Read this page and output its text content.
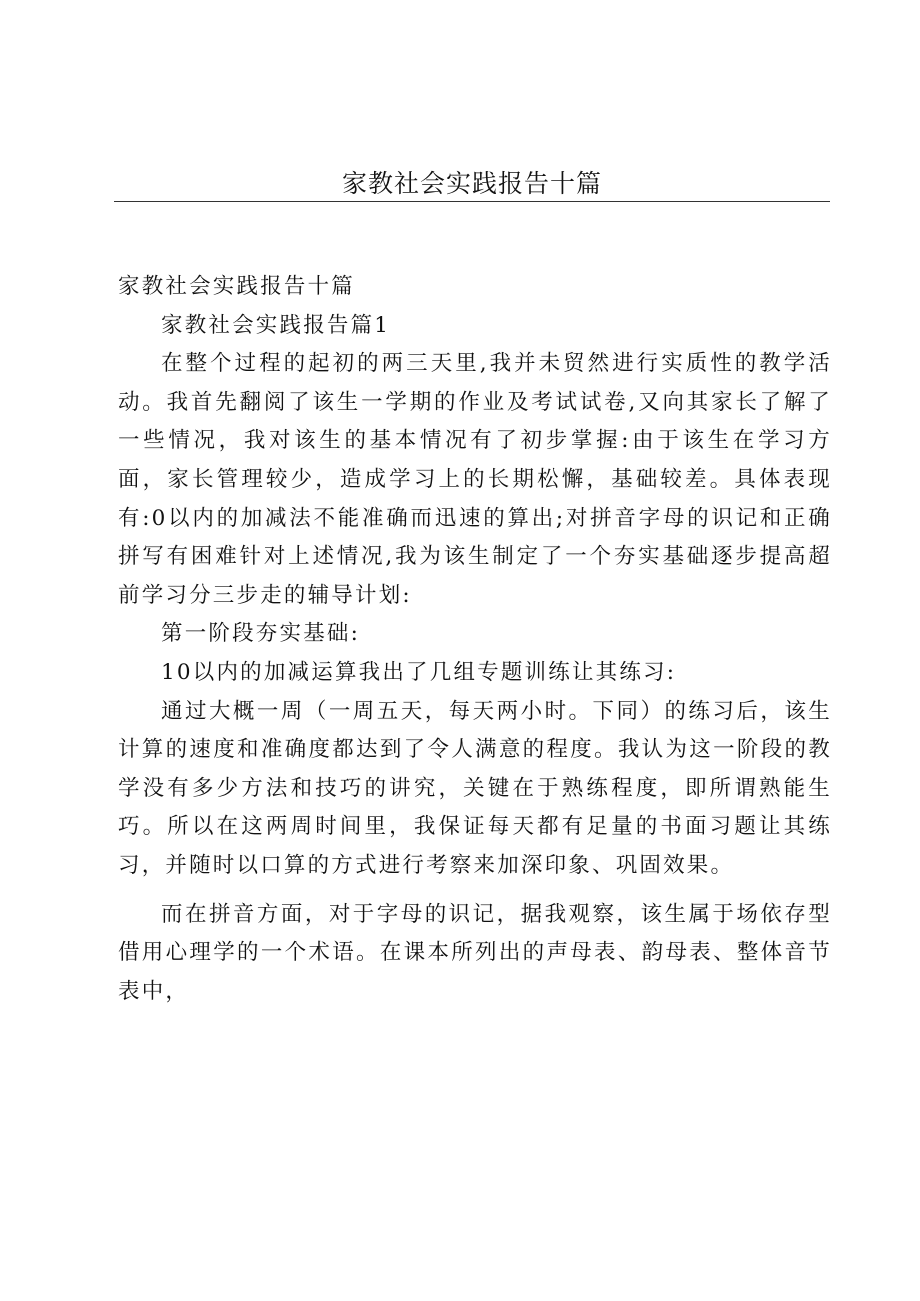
家教社会实践报告十篇

家教社会实践报告十篇

家教社会实践报告篇1

在整个过程的起初的两三天里,我并未贸然进行实质性的教学活动。我首先翻阅了该生一学期的作业及考试试卷,又向其家长了解了一些情况，我对该生的基本情况有了初步掌握:由于该生在学习方面，家长管理较少，造成学习上的长期松懈，基础较差。具体表现有:0以内的加减法不能准确而迅速的算出;对拼音字母的识记和正确拼写有困难针对上述情况,我为该生制定了一个夯实基础逐步提高超前学习分三步走的辅导计划:

第一阶段夯实基础:

10以内的加减运算我出了几组专题训练让其练习:

通过大概一周（一周五天，每天两小时。下同）的练习后，该生计算的速度和准确度都达到了令人满意的程度。我认为这一阶段的教学没有多少方法和技巧的讲究，关键在于熟练程度，即所谓熟能生巧。所以在这两周时间里，我保证每天都有足量的书面习题让其练习，并随时以口算的方式进行考察来加深印象、巩固效果。

而在拼音方面，对于字母的识记，据我观察，该生属于场依存型借用心理学的一个术语。在课本所列出的声母表、韵母表、整体音节表中，
